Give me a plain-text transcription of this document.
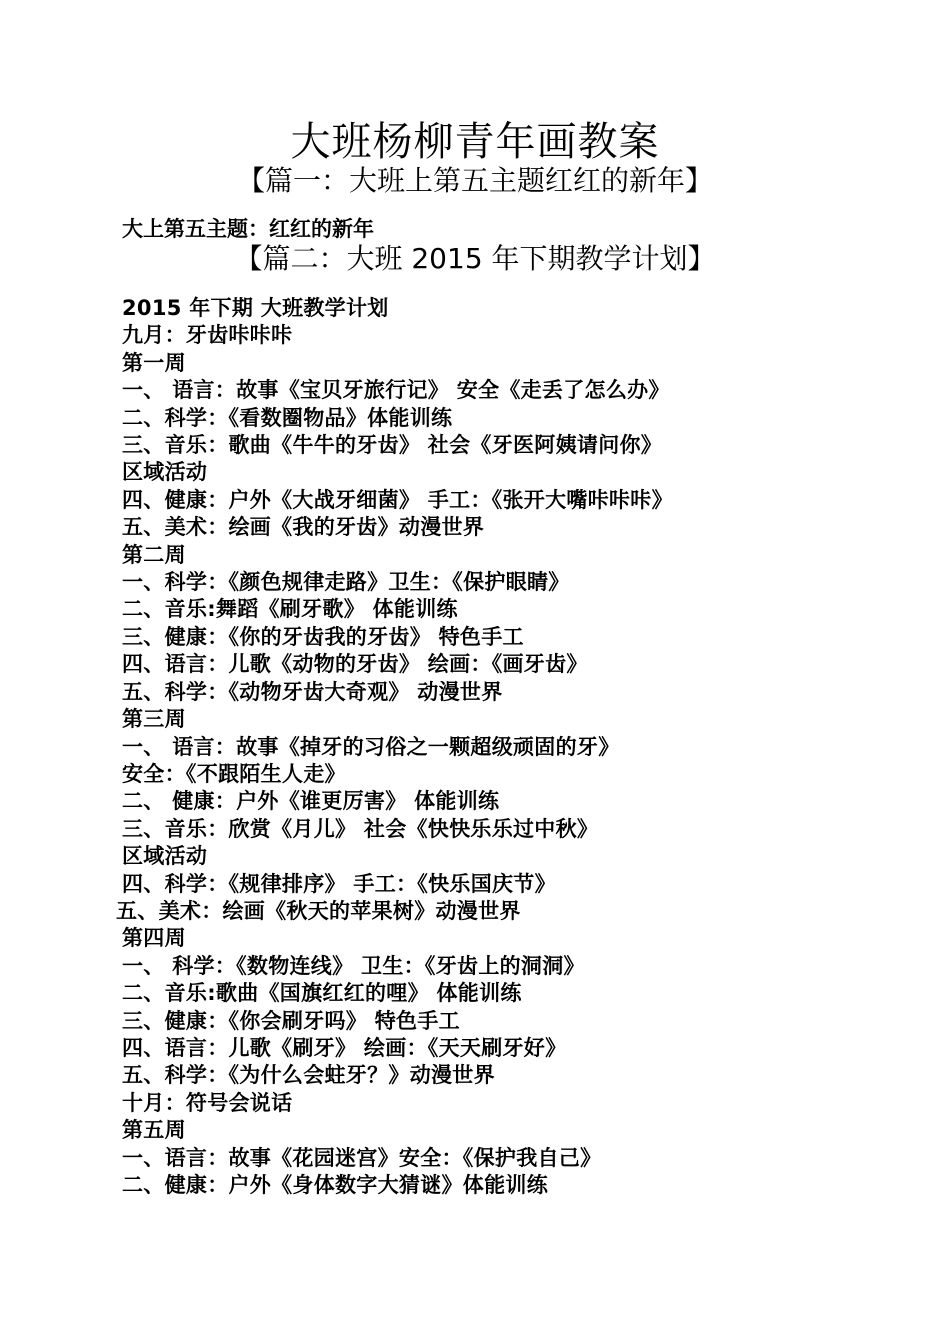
大班杨柳青年画教案
【篇一：大班上第五主题红红的新年】
大上第五主题：红红的新年
【篇二：大班 2015 年下期教学计划】
2015 年下期 大班教学计划
九月：牙齿咔咔咔
第一周
一、 语言：故事《宝贝牙旅行记》 安全《走丢了怎么办》
二、科学：《看数圈物品》体能训练
三、音乐：歌曲《牛牛的牙齿》 社会《牙医阿姨请问你》
区域活动
四、健康：户外《大战牙细菌》 手工：《张开大嘴咔咔咔》
五、美术：绘画《我的牙齿》动漫世界
第二周
一、科学：《颜色规律走路》卫生：《保护眼睛》
二、音乐:舞蹈《刷牙歌》 体能训练
三、健康：《你的牙齿我的牙齿》 特色手工
四、语言：儿歌《动物的牙齿》 绘画：《画牙齿》
五、科学：《动物牙齿大奇观》 动漫世界
第三周
一、 语言：故事《掉牙的习俗之一颗超级顽固的牙》
安全：《不跟陌生人走》
二、 健康：户外《谁更厉害》 体能训练
三、音乐：欣赏《月儿》 社会《快快乐乐过中秋》
区域活动
四、科学：《规律排序》 手工：《快乐国庆节》
五、美术：绘画《秋天的苹果树》动漫世界
第四周
一、 科学：《数物连线》 卫生：《牙齿上的洞洞》
二、音乐:歌曲《国旗红红的哩》 体能训练
三、健康：《你会刷牙吗》 特色手工
四、语言：儿歌《刷牙》 绘画：《天天刷牙好》
五、科学：《为什么会蛀牙？》动漫世界
十月：符号会说话
第五周
一、语言：故事《花园迷宫》安全：《保护我自己》
二、健康：户外《身体数字大猜谜》体能训练
